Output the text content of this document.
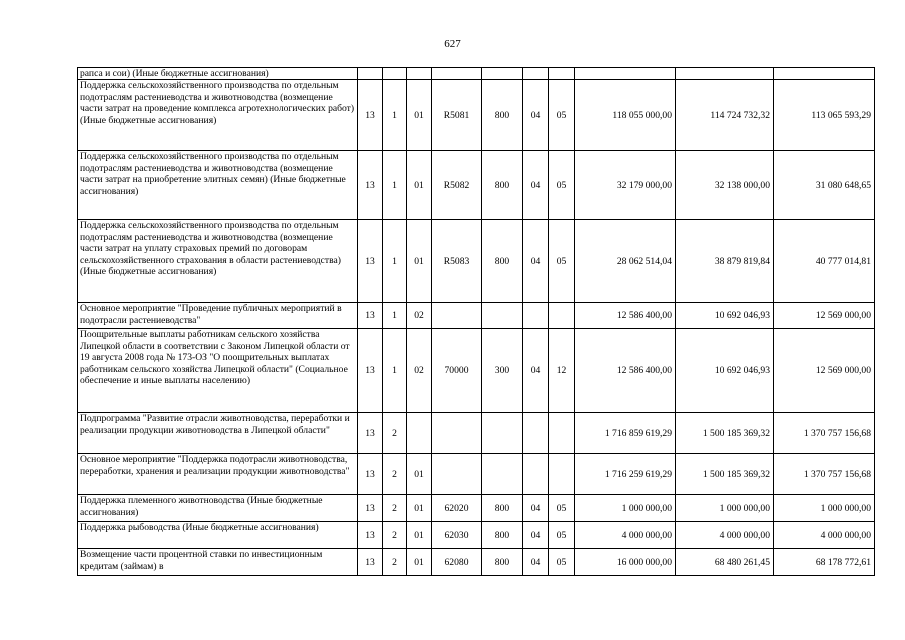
627
рапса и сои) (Иные бюджетные ассигнования)										
Поддержка сельскохозяйственного производства по отдельным подотраслям растениеводства и животноводства (возмещение части затрат на проведение комплекса агротехнологических работ) (Иные бюджетные ассигнования)	13	1	01	R5081	800	04	05	118 055 000,00	114 724 732,32	113 065 593,29
Поддержка сельскохозяйственного производства по отдельным подотраслям растениеводства и животноводства (возмещение части затрат на приобретение элитных семян) (Иные бюджетные ассигнования)	13	1	01	R5082	800	04	05	32 179 000,00	32 138 000,00	31 080 648,65
Поддержка сельскохозяйственного производства по отдельным подотраслям растениеводства и животноводства (возмещение части затрат на уплату страховых премий по договорам сельскохозяйственного страхования в области растениеводства) (Иные бюджетные ассигнования)	13	1	01	R5083	800	04	05	28 062 514,04	38 879 819,84	40 777 014,81
Основное мероприятие "Проведение публичных мероприятий в подотрасли растениеводства"	13	1	02					12 586 400,00	10 692 046,93	12 569 000,00
Поощрительные выплаты работникам сельского хозяйства Липецкой области в соответствии с Законом Липецкой области от 19 августа 2008 года № 173-ОЗ "О поощрительных выплатах работникам сельского хозяйства Липецкой области" (Социальное обеспечение и иные выплаты населению)	13	1	02	70000	300	04	12	12 586 400,00	10 692 046,93	12 569 000,00
Подпрограмма "Развитие отрасли животноводства, переработки и реализации продукции животноводства в Липецкой области"	13	2						1 716 859 619,29	1 500 185 369,32	1 370 757 156,68
Основное мероприятие "Поддержка подотрасли животноводства, переработки, хранения и реализации продукции животноводства"	13	2	01					1 716 259 619,29	1 500 185 369,32	1 370 757 156,68
Поддержка племенного животноводства (Иные бюджетные ассигнования)	13	2	01	62020	800	04	05	1 000 000,00	1 000 000,00	1 000 000,00
Поддержка рыбоводства (Иные бюджетные ассигнования)	13	2	01	62030	800	04	05	4 000 000,00	4 000 000,00	4 000 000,00
Возмещение части процентной ставки по инвестиционным кредитам (займам) в	13	2	01	62080	800	04	05	16 000 000,00	68 480 261,45	68 178 772,61
